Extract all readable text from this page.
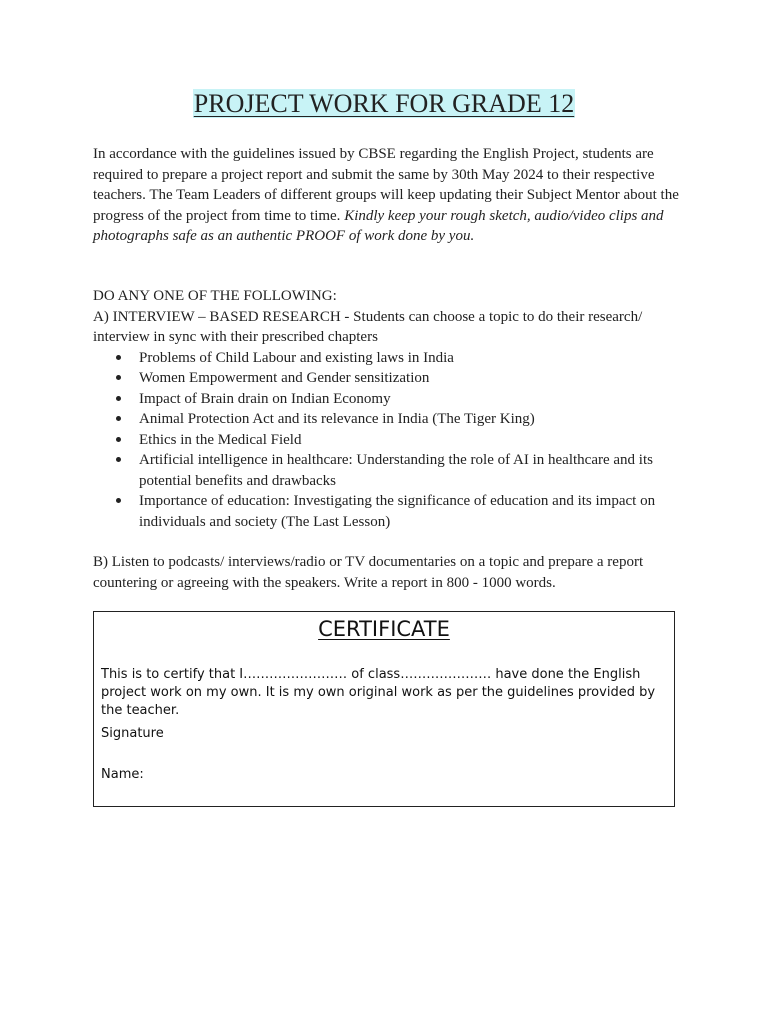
PROJECT WORK FOR GRADE 12

In accordance with the guidelines issued by CBSE regarding the English Project, students are required to prepare a project report and submit the same by 30th May 2024 to their respective teachers. The Team Leaders of different groups will keep updating their Subject Mentor about the progress of the project from time to time. Kindly keep your rough sketch, audio/video clips and photographs safe as an authentic PROOF of work done by you.

DO ANY ONE OF THE FOLLOWING:
A) INTERVIEW – BASED RESEARCH - Students can choose a topic to do their research/ interview in sync with their prescribed chapters
Problems of Child Labour and existing laws in India
Women Empowerment and Gender sensitization
Impact of Brain drain on Indian Economy
Animal Protection Act and its relevance in India (The Tiger King)
Ethics in the Medical Field
Artificial intelligence in healthcare: Understanding the role of AI in healthcare and its potential benefits and drawbacks
Importance of education: Investigating the significance of education and its impact on individuals and society (The Last Lesson)
B) Listen to podcasts/ interviews/radio or TV documentaries on a topic and prepare a report countering or agreeing with the speakers. Write a report in 800 - 1000 words.
CERTIFICATE
This is to certify that I…………………… of class………………… have done the English project work on my own. It is my own original work as per the guidelines provided by the teacher.
Signature
Name:
